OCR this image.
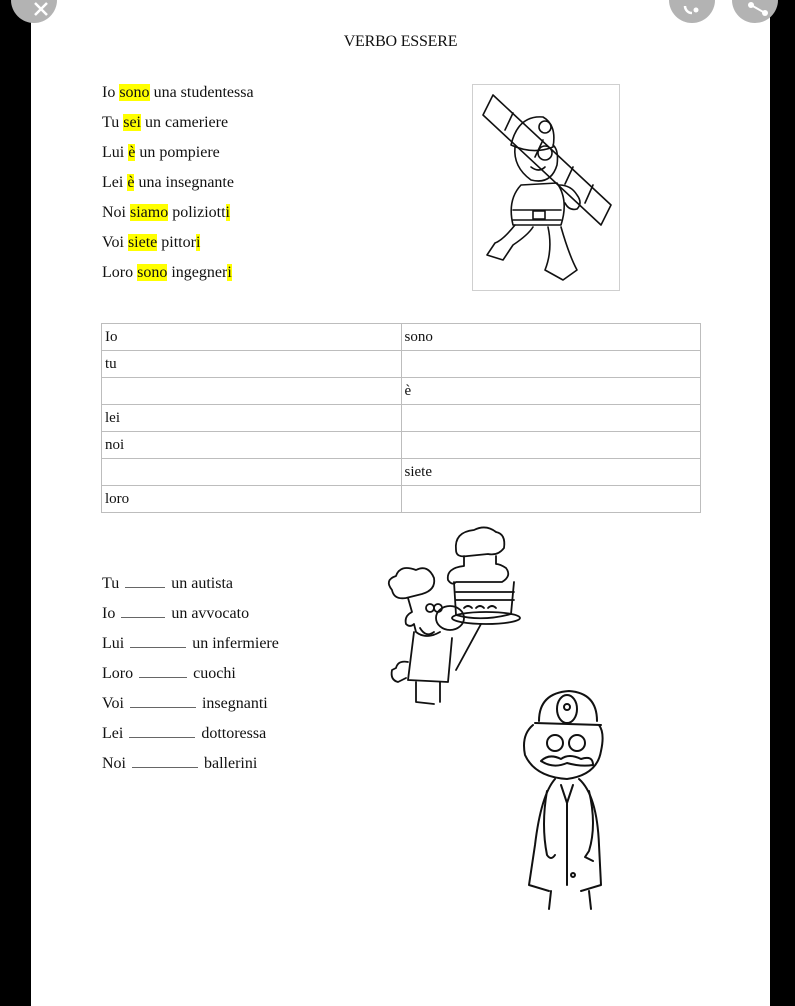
VERBO ESSERE
Io sono una studentessa
Tu sei un cameriere
Lui è un pompiere
Lei è una insegnante
Noi siamo poliziotti
Voi siete pittori
Loro sono ingegneri
Io	sono
tu	
	è
lei	
noi	
	siete
loro	
Tu	un autista
Io	un avvocato
Lui	un infermiere
Loro	cuochi
Voi	insegnanti
Lei	dottoressa
Noi	ballerini
